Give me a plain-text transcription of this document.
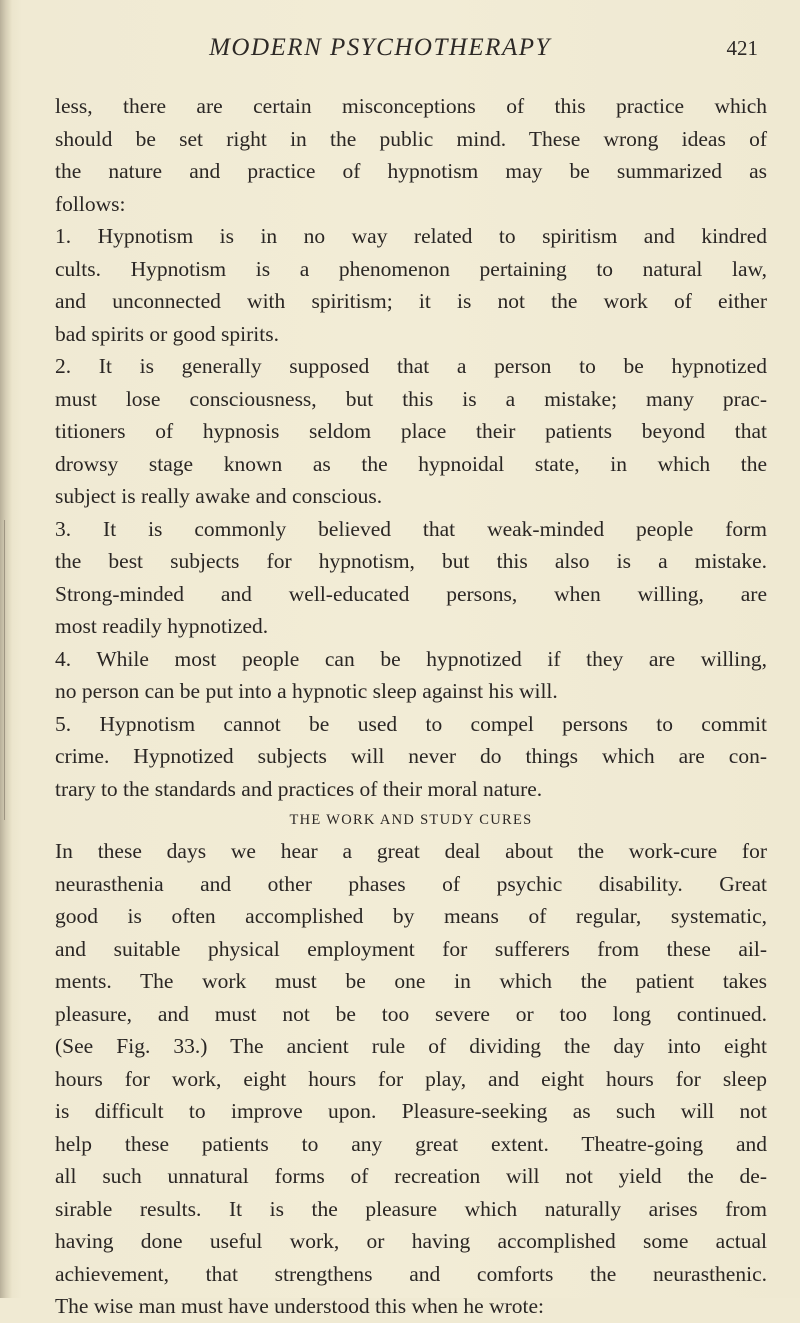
MODERN PSYCHOTHERAPY	421
less, there are certain misconceptions of this practice which
should be set right in the public mind. These wrong ideas of
the nature and practice of hypnotism may be summarized as
follows:
1. Hypnotism is in no way related to spiritism and kindred
cults. Hypnotism is a phenomenon pertaining to natural law,
and unconnected with spiritism; it is not the work of either
bad spirits or good spirits.
2. It is generally supposed that a person to be hypnotized
must lose consciousness, but this is a mistake; many prac-
titioners of hypnosis seldom place their patients beyond that
drowsy stage known as the hypnoidal state, in which the
subject is really awake and conscious.
3. It is commonly believed that weak-minded people form
the best subjects for hypnotism, but this also is a mistake.
Strong-minded and well-educated persons, when willing, are
most readily hypnotized.
4. While most people can be hypnotized if they are willing,
no person can be put into a hypnotic sleep against his will.
5. Hypnotism cannot be used to compel persons to commit
crime. Hypnotized subjects will never do things which are con-
trary to the standards and practices of their moral nature.
THE WORK AND STUDY CURES
In these days we hear a great deal about the work-cure for
neurasthenia and other phases of psychic disability. Great
good is often accomplished by means of regular, systematic,
and suitable physical employment for sufferers from these ail-
ments. The work must be one in which the patient takes
pleasure, and must not be too severe or too long continued.
(See Fig. 33.) The ancient rule of dividing the day into eight
hours for work, eight hours for play, and eight hours for sleep
is difficult to improve upon. Pleasure-seeking as such will not
help these patients to any great extent. Theatre-going and
all such unnatural forms of recreation will not yield the de-
sirable results. It is the pleasure which naturally arises from
having done useful work, or having accomplished some actual
achievement, that strengthens and comforts the neurasthenic.
The wise man must have understood this when he wrote:
